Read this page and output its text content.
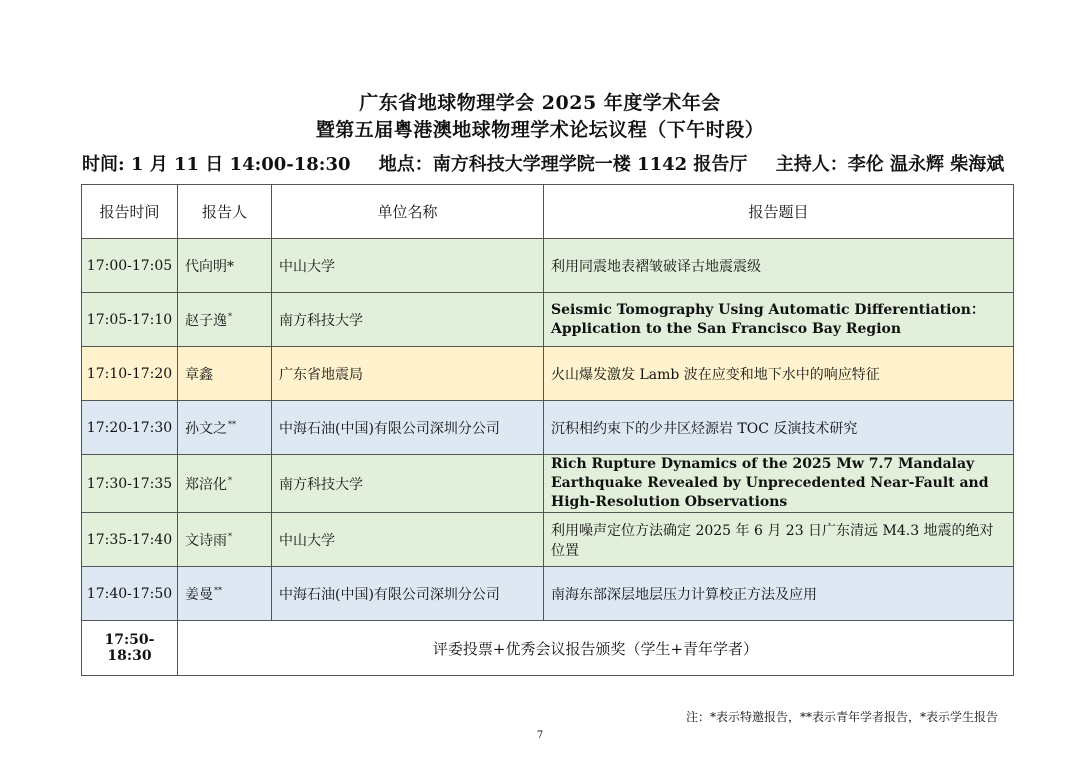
广东省地球物理学会 2025 年度学术年会
暨第五届粤港澳地球物理学术论坛议程（下午时段）
时间: 1 月 11 日 14:00-18:30 地点：南方科技大学理学院一楼 1142 报告厅 主持人：李伦 温永辉 柴海斌
报告时间	报告人	单位名称	报告题目
17:00-17:05	代向明*	中山大学	利用同震地表褶皱破译古地震震级
17:05-17:10	赵子逸*	南方科技大学	Seismic Tomography Using Automatic Differentiation：Application to the San Francisco Bay Region
17:10-17:20	章鑫	广东省地震局	火山爆发激发 Lamb 波在应变和地下水中的响应特征
17:20-17:30	孙文之**	中海石油(中国)有限公司深圳分公司	沉积相约束下的少井区烃源岩 TOC 反演技术研究
17:30-17:35	郑涪化*	南方科技大学	Rich Rupture Dynamics of the 2025 Mw 7.7 Mandalay Earthquake Revealed by Unprecedented Near-Fault and High-Resolution Observations
17:35-17:40	文诗雨*	中山大学	利用噪声定位方法确定 2025 年 6 月 23 日广东清远 M4.3 地震的绝对位置
17:40-17:50	姜曼**	中海石油(中国)有限公司深圳分公司	南海东部深层地层压力计算校正方法及应用
17:50-18:30	评委投票+优秀会议报告颁奖（学生+青年学者）		
注：*表示特邀报告，**表示青年学者报告，*表示学生报告
7
